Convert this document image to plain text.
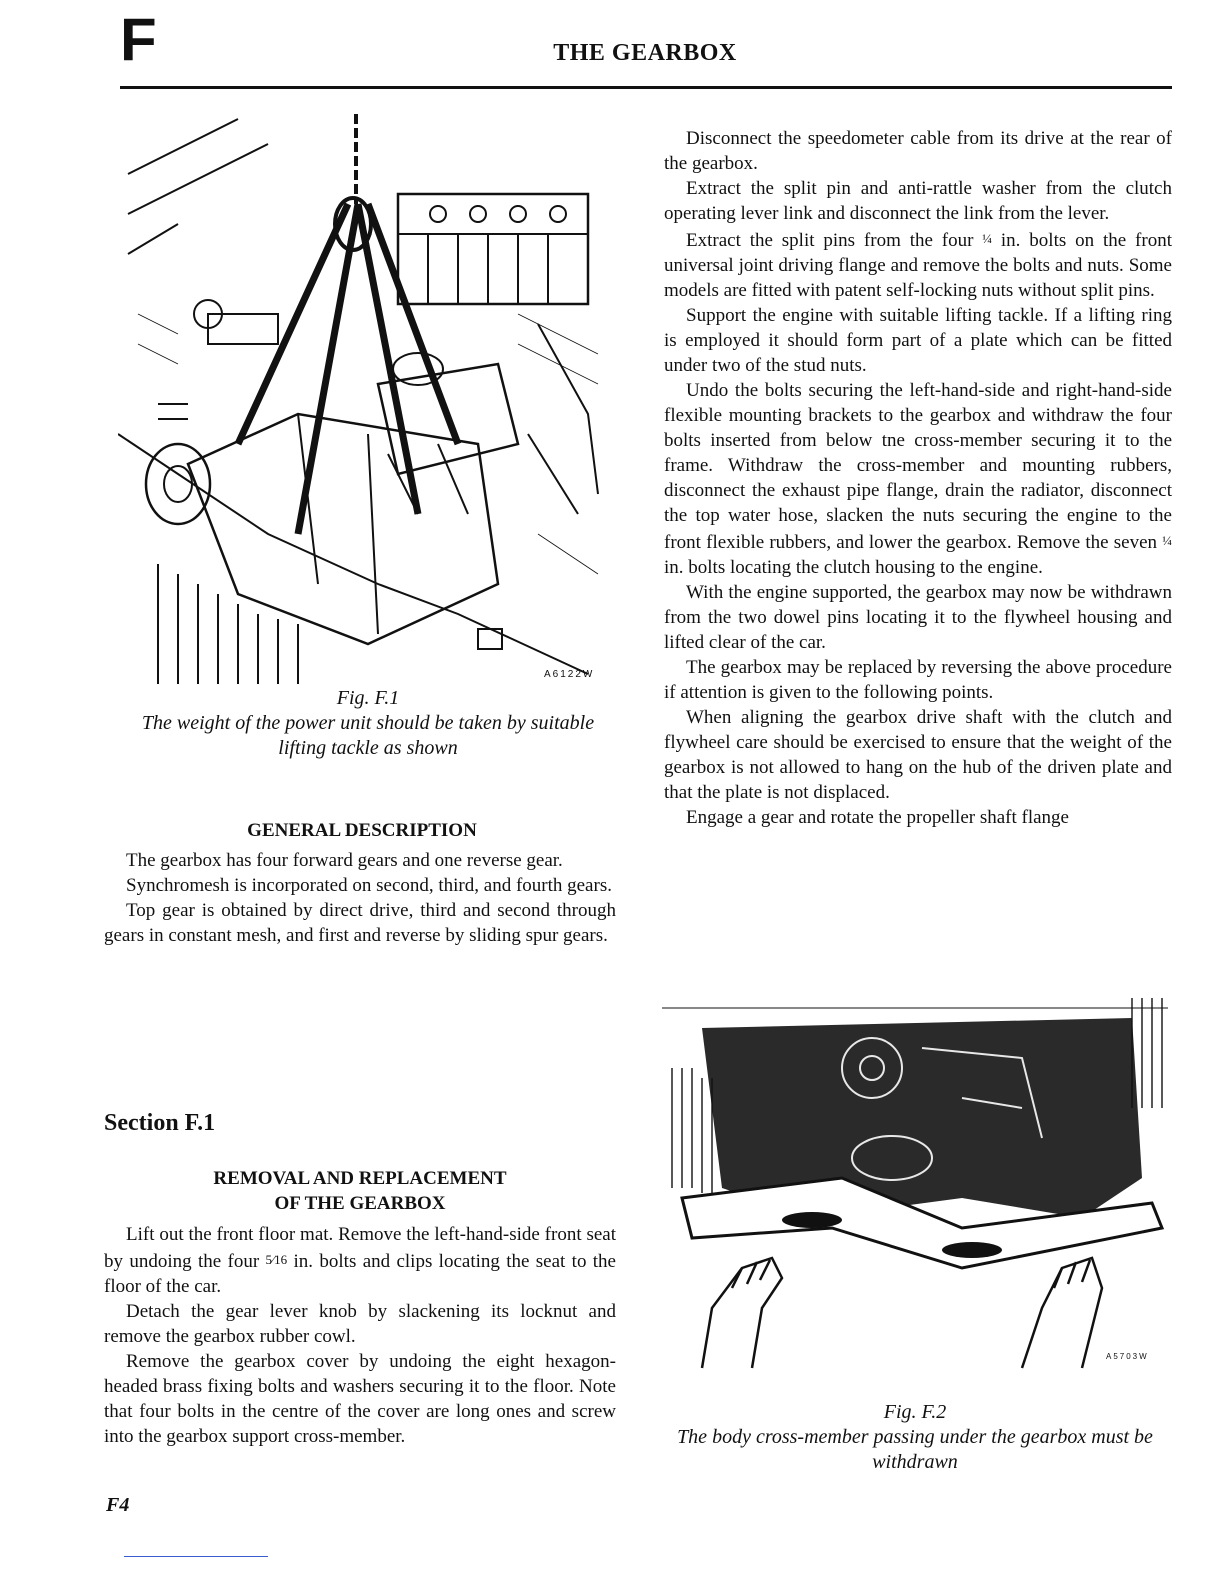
F	THE GEARBOX
A6122W
Fig. F.1
The weight of the power unit should be taken by suitable lifting tackle as shown
GENERAL DESCRIPTION

The gearbox has four forward gears and one reverse gear.

Synchromesh is incorporated on second, third, and fourth gears.

Top gear is obtained by direct drive, third and second through gears in constant mesh, and first and reverse by sliding spur gears.

Section F.1
REMOVAL AND REPLACEMENT
OF THE GEARBOX

Lift out the front floor mat. Remove the left-hand-side front seat by undoing the four 5⁄16 in. bolts and clips locating the seat to the floor of the car.

Detach the gear lever knob by slackening its locknut and remove the gearbox rubber cowl.

Remove the gearbox cover by undoing the eight hexagon-headed brass fixing bolts and washers securing it to the floor. Note that four bolts in the centre of the cover are long ones and screw into the gearbox support cross-member.

Disconnect the speedometer cable from its drive at the rear of the gearbox.

Extract the split pin and anti-rattle washer from the clutch operating lever link and disconnect the link from the lever.

Extract the split pins from the four ¼ in. bolts on the front universal joint driving flange and remove the bolts and nuts. Some models are fitted with patent self-locking nuts without split pins.

Support the engine with suitable lifting tackle. If a lifting ring is employed it should form part of a plate which can be fitted under two of the stud nuts.

Undo the bolts securing the left-hand-side and right-hand-side flexible mounting brackets to the gearbox and withdraw the four bolts inserted from below tne cross-member securing it to the frame. Withdraw the cross-member and mounting rubbers, disconnect the exhaust pipe flange, drain the radiator, disconnect the top water hose, slacken the nuts securing the engine to the front flexible rubbers, and lower the gearbox. Remove the seven ¼ in. bolts locating the clutch housing to the engine.

With the engine supported, the gearbox may now be withdrawn from the two dowel pins locating it to the flywheel housing and lifted clear of the car.

The gearbox may be replaced by reversing the above procedure if attention is given to the following points.

When aligning the gearbox drive shaft with the clutch and flywheel care should be exercised to ensure that the weight of the gearbox is not allowed to hang on the hub of the driven plate and that the plate is not displaced.

Engage a gear and rotate the propeller shaft flange

A5703W
Fig. F.2
The body cross-member passing under the gearbox must be withdrawn
F4
